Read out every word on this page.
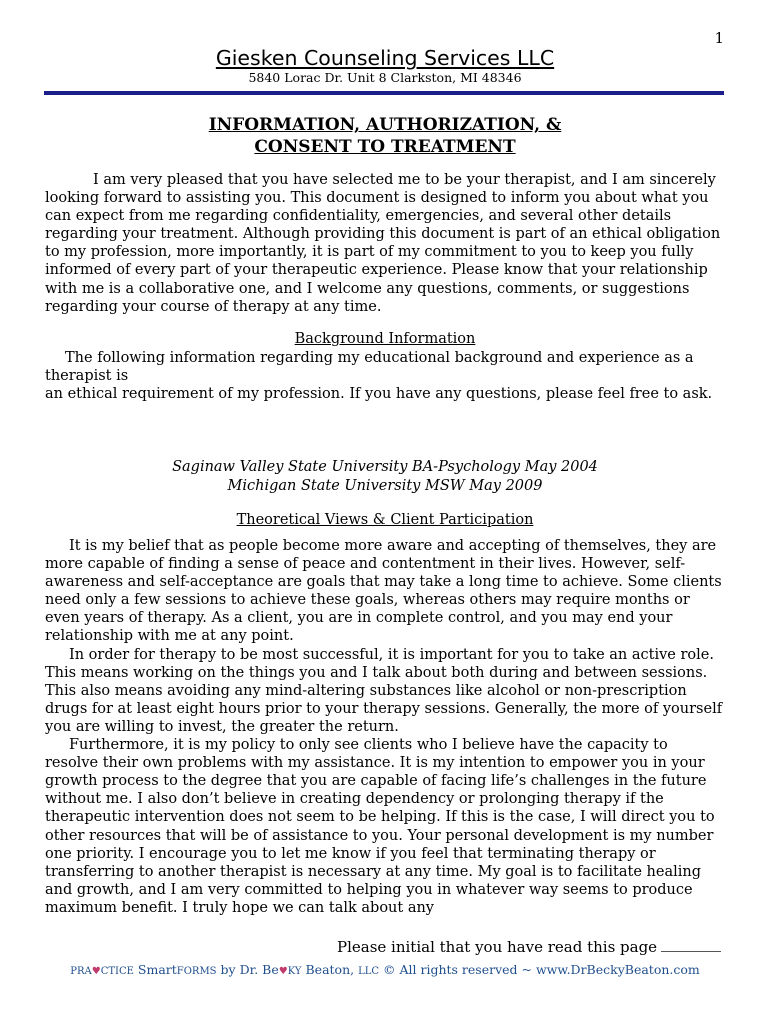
1
Giesken Counseling Services LLC
5840 Lorac Dr. Unit 8 Clarkston, MI 48346
INFORMATION, AUTHORIZATION, &
CONSENT TO TREATMENT

I am very pleased that you have selected me to be your therapist, and I am sincerely looking forward to assisting you. This document is designed to inform you about what you can expect from me regarding confidentiality, emergencies, and several other details regarding your treatment. Although providing this document is part of an ethical obligation to my profession, more importantly, it is part of my commitment to you to keep you fully informed of every part of your therapeutic experience. Please know that your relationship with me is a collaborative one, and I welcome any questions, comments, or suggestions regarding your course of therapy at any time.

Background Information

The following information regarding my educational background and experience as a therapist is

an ethical requirement of my profession. If you have any questions, please feel free to ask.

Saginaw Valley State University BA-Psychology May 2004
Michigan State University MSW May 2009
Theoretical Views & Client Participation

It is my belief that as people become more aware and accepting of themselves, they are more capable of finding a sense of peace and contentment in their lives. However, self-awareness and self-acceptance are goals that may take a long time to achieve. Some clients need only a few sessions to achieve these goals, whereas others may require months or even years of therapy. As a client, you are in complete control, and you may end your relationship with me at any point.

In order for therapy to be most successful, it is important for you to take an active role. This means working on the things you and I talk about both during and between sessions. This also means avoiding any mind-altering substances like alcohol or non-prescription drugs for at least eight hours prior to your therapy sessions. Generally, the more of yourself you are willing to invest, the greater the return.

Furthermore, it is my policy to only see clients who I believe have the capacity to resolve their own problems with my assistance. It is my intention to empower you in your growth process to the degree that you are capable of facing life’s challenges in the future without me. I also don’t believe in creating dependency or prolonging therapy if the therapeutic intervention does not seem to be helping. If this is the case, I will direct you to other resources that will be of assistance to you. Your personal development is my number one priority. I encourage you to let me know if you feel that terminating therapy or transferring to another therapist is necessary at any time. My goal is to facilitate healing and growth, and I am very committed to helping you in whatever way seems to produce maximum benefit. I truly hope we can talk about any

Please initial that you have read this page
PRA♥CTICE SmartFORMS by Dr. Be♥KY Beaton, LLC © All rights reserved ~ www.DrBeckyBeaton.com
